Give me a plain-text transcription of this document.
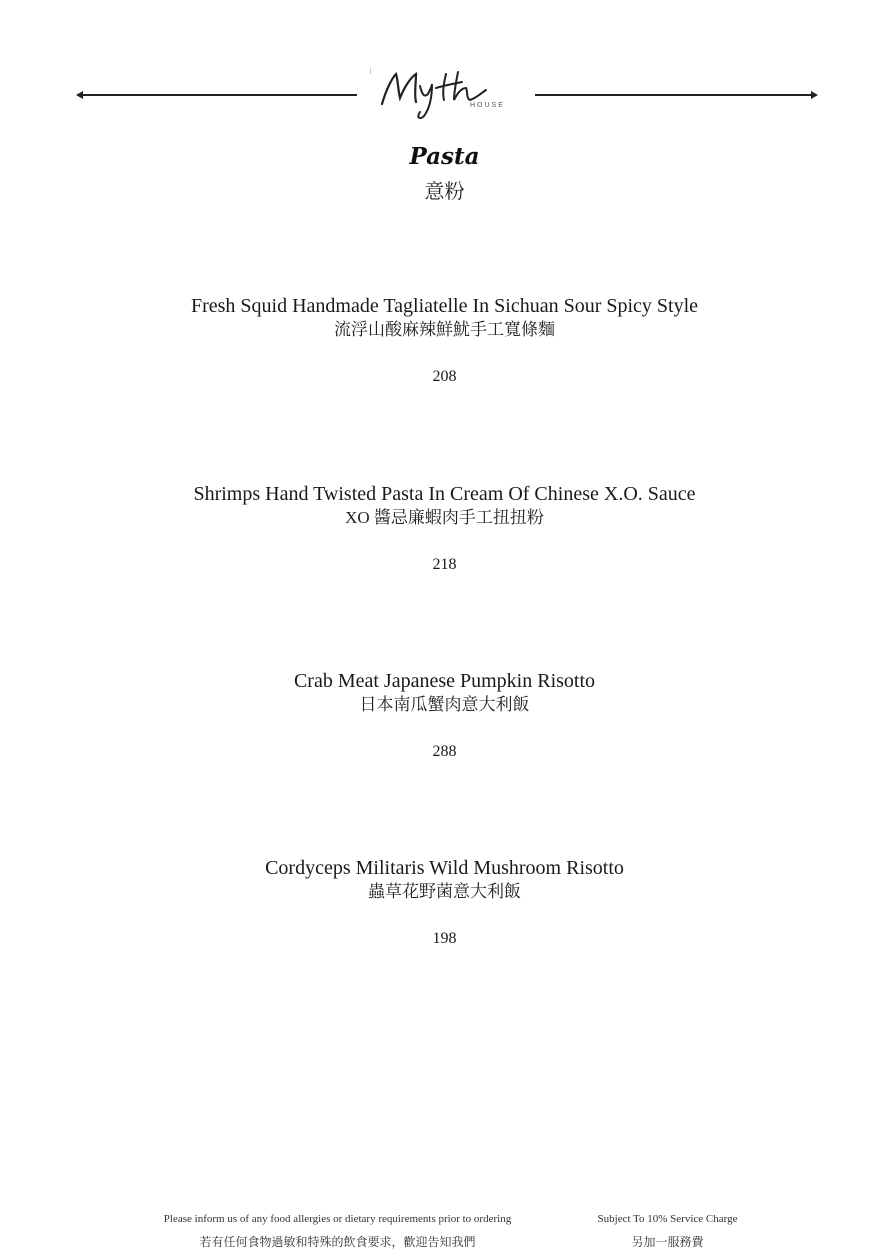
HOUSE
Pasta
意粉
Fresh Squid Handmade Tagliatelle In Sichuan Sour Spicy Style
流浮山酸麻辣鮮魷手工寬條麵
208
Shrimps Hand Twisted Pasta In Cream Of Chinese X.O. Sauce
XO 醬忌廉蝦肉手工扭扭粉
218
Crab Meat Japanese Pumpkin Risotto
日本南瓜蟹肉意大利飯
288
Cordyceps Militaris Wild Mushroom Risotto
蟲草花野菌意大利飯
198
Please inform us of any food allergies or dietary requirements prior to ordering
若有任何食物過敏和特殊的飲食要求，歡迎告知我們
Subject To 10% Service Charge
另加一服務費
